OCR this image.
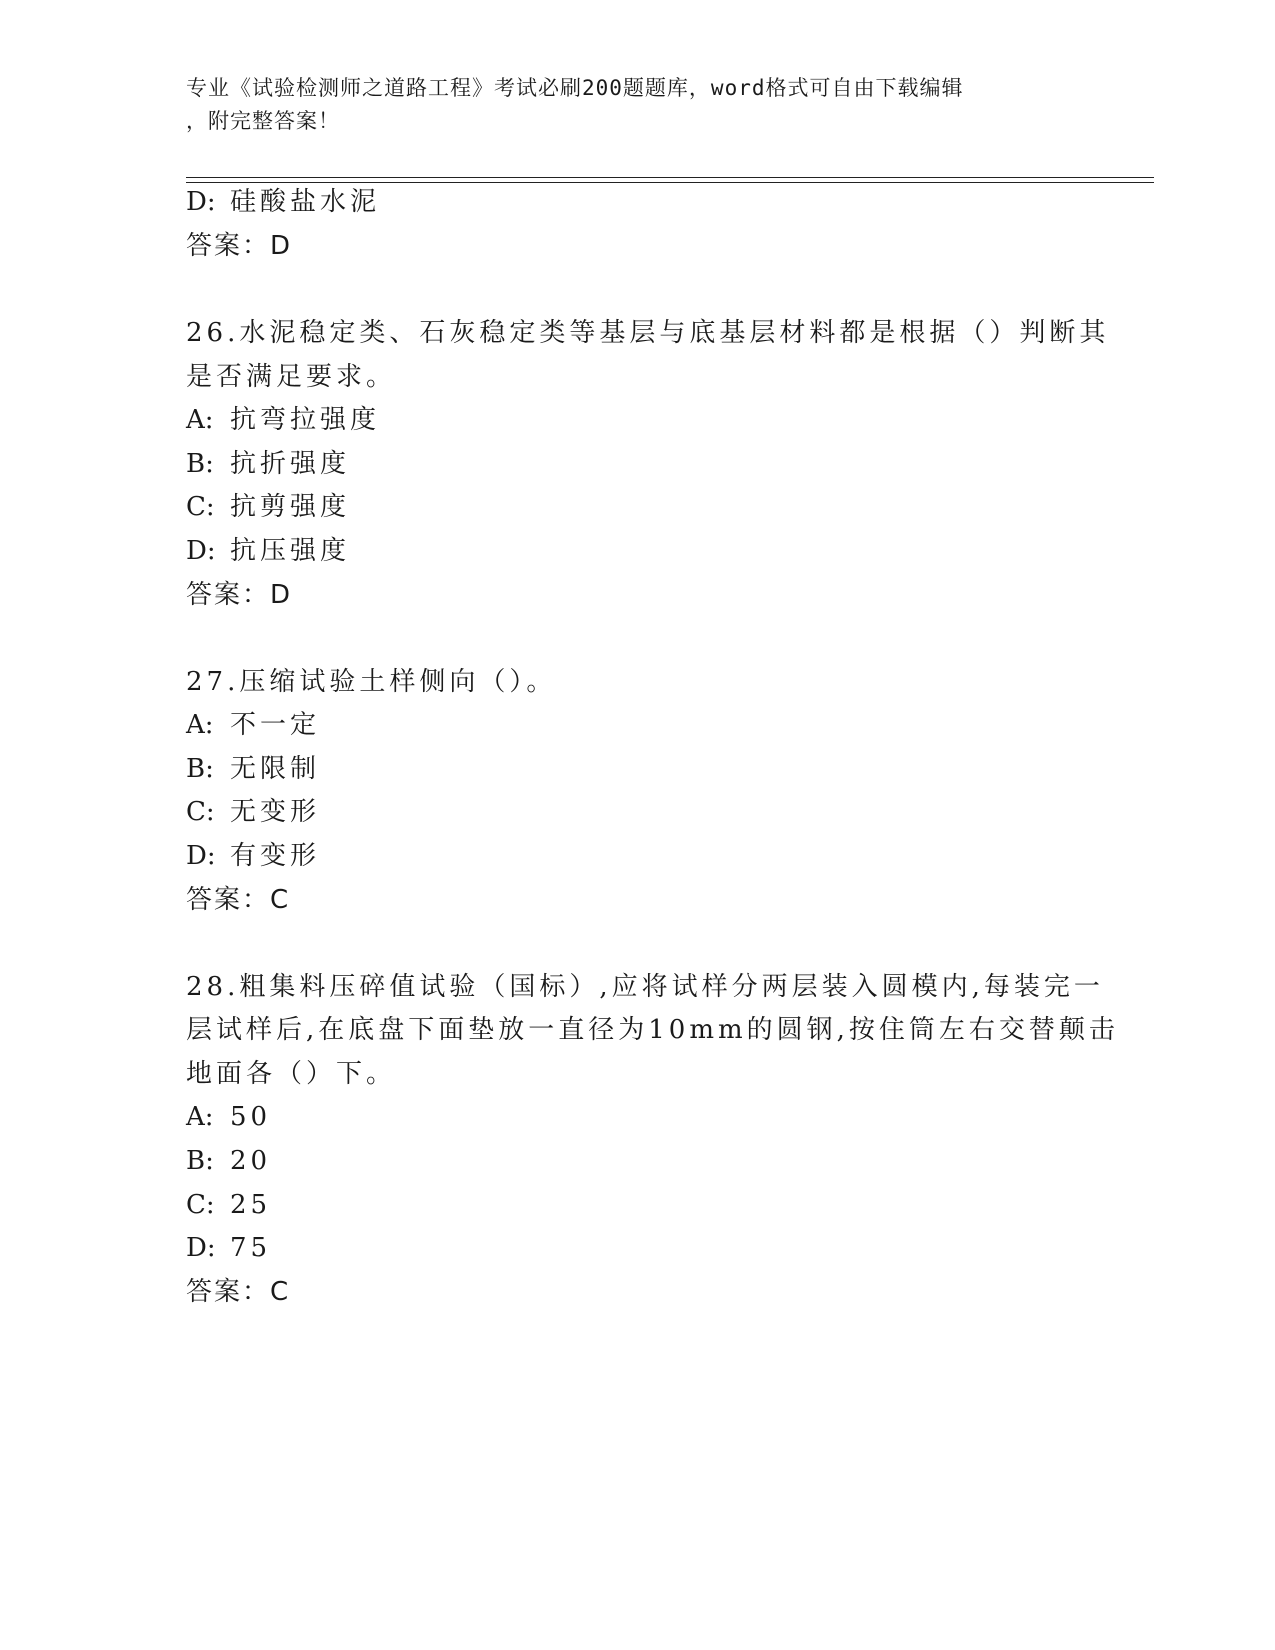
专业《试验检测师之道路工程》考试必刷200题题库，word格式可自由下载编辑
，附完整答案！
D: 硅酸盐水泥
答案：D
26.水泥稳定类、石灰稳定类等基层与底基层材料都是根据（）判断其
是否满足要求。
A: 抗弯拉强度
B: 抗折强度
C: 抗剪强度
D: 抗压强度
答案：D
27.压缩试验土样侧向（）。
A: 不一定
B: 无限制
C: 无变形
D: 有变形
答案：C
28.粗集料压碎值试验（国标）,应将试样分两层装入圆模内,每装完一
层试样后,在底盘下面垫放一直径为10mm的圆钢,按住筒左右交替颠击
地面各（）下。
A: 50
B: 20
C: 25
D: 75
答案：C
